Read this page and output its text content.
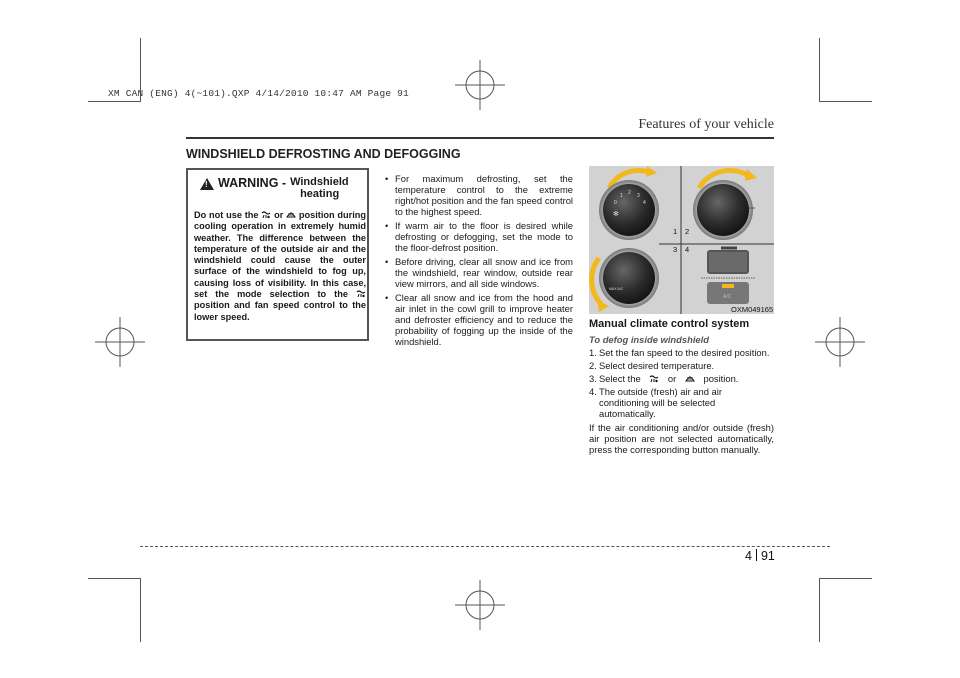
XM CAN (ENG) 4(~101).QXP 4/14/2010 10:47 AM Page 91
Features of your vehicle
WINDSHIELD DEFROSTING AND DEFOGGING
! WARNING - Windshield
heating
Do not use the or position during cooling operation in extremely humid weather. The difference between the temperature of the outside air and the windshield could cause the outer surface of the windshield to fog up, causing loss of visibility. In this case, set the mode selection to the  position and fan speed control to the lower speed.
• For maximum defrosting, set the temperature control to the extreme right/hot position and the fan speed control to the highest speed.
• If warm air to the floor is desired while defrosting or defogging, set the mode to the floor-defrost position.
• Before driving, clear all snow and ice from the windshield, rear window, outside rear view mirrors, and all side windows.
• Clear all snow and ice from the hood and air inlet in the cowl grill to improve heater and defroster efficiency and to reduce the probability of fogging up the inside of the windshield.
0
1 2 3
4
✻
1 2
3 4
MAX A/C
A/C
OXM049165
Manual climate control system
To defog inside windshield
1. Set the fan speed to the desired position.
2. Select desired temperature.
3. Select the	or	position.
4. The outside (fresh) air and air conditioning will be selected automatically.
If the air conditioning and/or outside (fresh) air position are not selected automatically, press the corresponding button manually.
4 91
